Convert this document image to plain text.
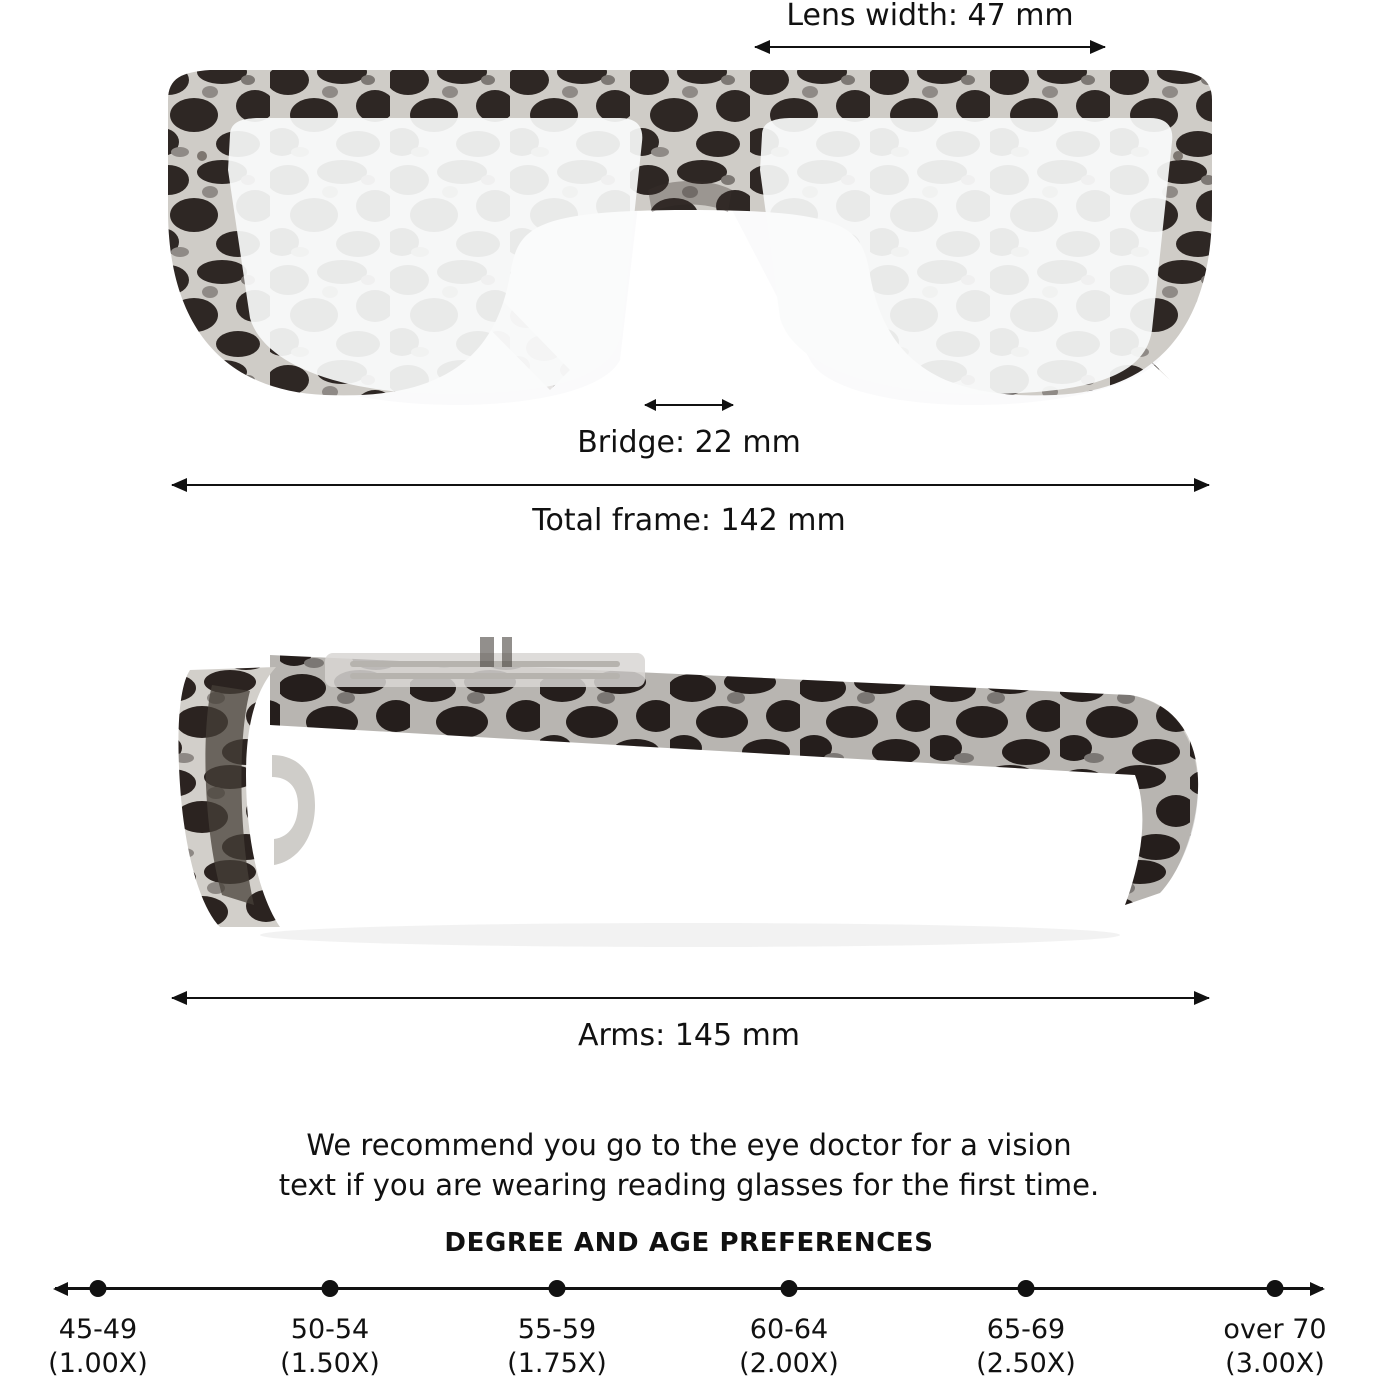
Lens width: 47 mm
Bridge: 22 mm
Total frame: 142 mm
Arms: 145 mm
We recommend you go to the eye doctor for a vision
text if you are wearing reading glasses for the first time.
DEGREE AND AGE PREFERENCES
45-49
(1.00X)
50-54
(1.50X)
55-59
(1.75X)
60-64
(2.00X)
65-69
(2.50X)
over 70
(3.00X)
